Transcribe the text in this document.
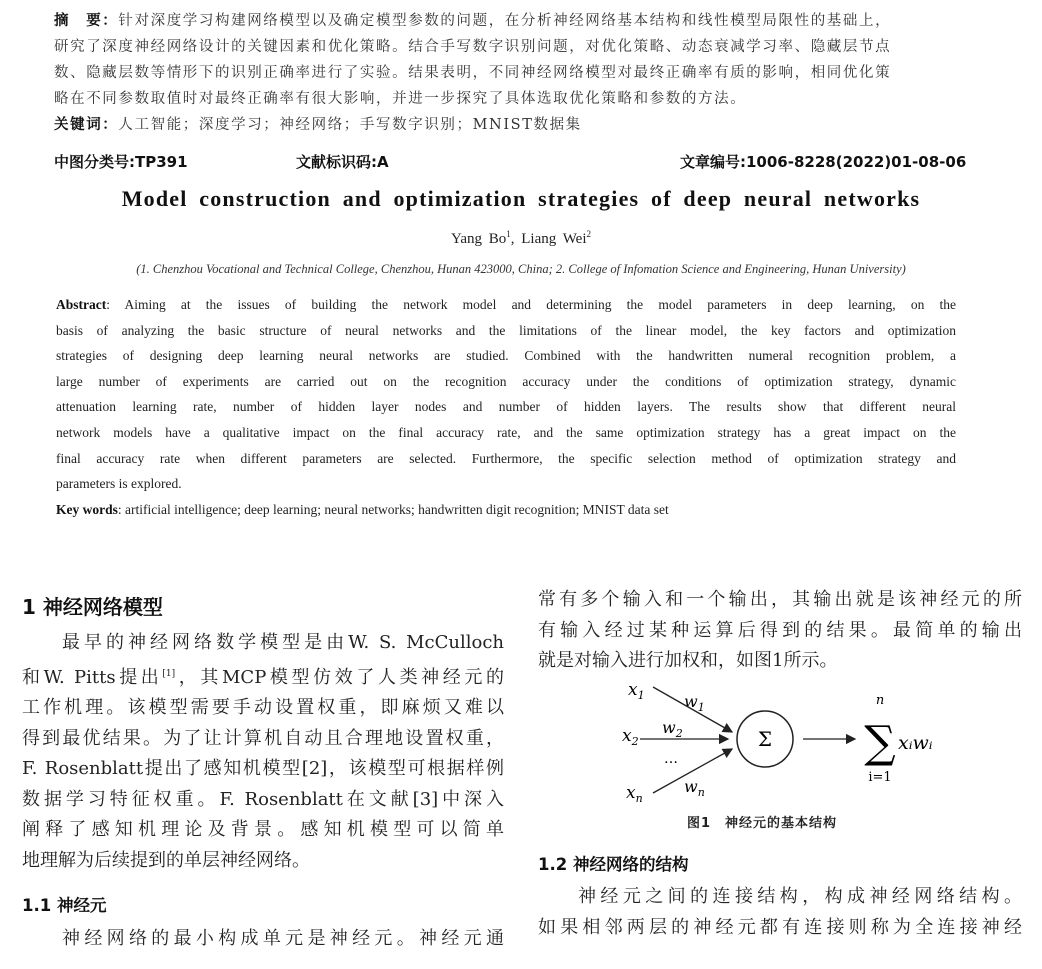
摘　要：针对深度学习构建网络模型以及确定模型参数的问题，在分析神经网络基本结构和线性模型局限性的基础上，
研究了深度神经网络设计的关键因素和优化策略。结合手写数字识别问题，对优化策略、动态衰减学习率、隐藏层节点
数、隐藏层数等情形下的识别正确率进行了实验。结果表明，不同神经网络模型对最终正确率有质的影响，相同优化策
略在不同参数取值时对最终正确率有很大影响，并进一步探究了具体选取优化策略和参数的方法。
关键词：人工智能；深度学习；神经网络；手写数字识别；MNIST数据集
中图分类号:TP391	文献标识码:A	文章编号:1006-8228(2022)01-08-06
Model construction and optimization strategies of deep neural networks
Yang Bo$^1$, Liang Wei$^2$
(1. Chenzhou Vocational and Technical College, Chenzhou, Hunan 423000, China; 2. College of Infomation Science and Engineering, Hunan University)
Abstract: Aiming at the issues of building the network model and determining the model parameters in deep learning, on the
basis of analyzing the basic structure of neural networks and the limitations of the linear model, the key factors and optimization
strategies of designing deep learning neural networks are studied. Combined with the handwritten numeral recognition problem, a
large number of experiments are carried out on the recognition accuracy under the conditions of optimization strategy, dynamic
attenuation learning rate, number of hidden layer nodes and number of hidden layers. The results show that different neural
network models have a qualitative impact on the final accuracy rate, and the same optimization strategy has a great impact on the
final accuracy rate when different parameters are selected. Furthermore, the specific selection method of optimization strategy and
parameters is explored.
Key words: artificial intelligence; deep learning; neural networks; handwritten digit recognition; MNIST data set
1 神经网络模型
最早的神经网络数学模型是由W. S. McCulloch
和W. Pitts提出[1]，其MCP模型仿效了人类神经元的
工作机理。该模型需要手动设置权重，即麻烦又难以
得到最优结果。为了让计算机自动且合理地设置权重，
F. Rosenblatt提出了感知机模型[2]，该模型可根据样例
数据学习特征权重。F. Rosenblatt在文献[3]中深入
阐释了感知机理论及背景。感知机模型可以简单
地理解为后续提到的单层神经网络。
1.1 神经元
神经网络的最小构成单元是神经元。神经元通
常有多个输入和一个输出，其输出就是该神经元的所
有输入经过某种运算后得到的结果。最简单的输出
就是对输入进行加权和，如图1所示。
$x_1$
$x_2$
$x_n$
…
$w_1$
$w_2$
$w_n$
Σ
n
∑
i=1
xᵢwᵢ
图1　神经元的基本结构
1.2 神经网络的结构
神经元之间的连接结构，构成神经网络结构。
如果相邻两层的神经元都有连接则称为全连接神经
